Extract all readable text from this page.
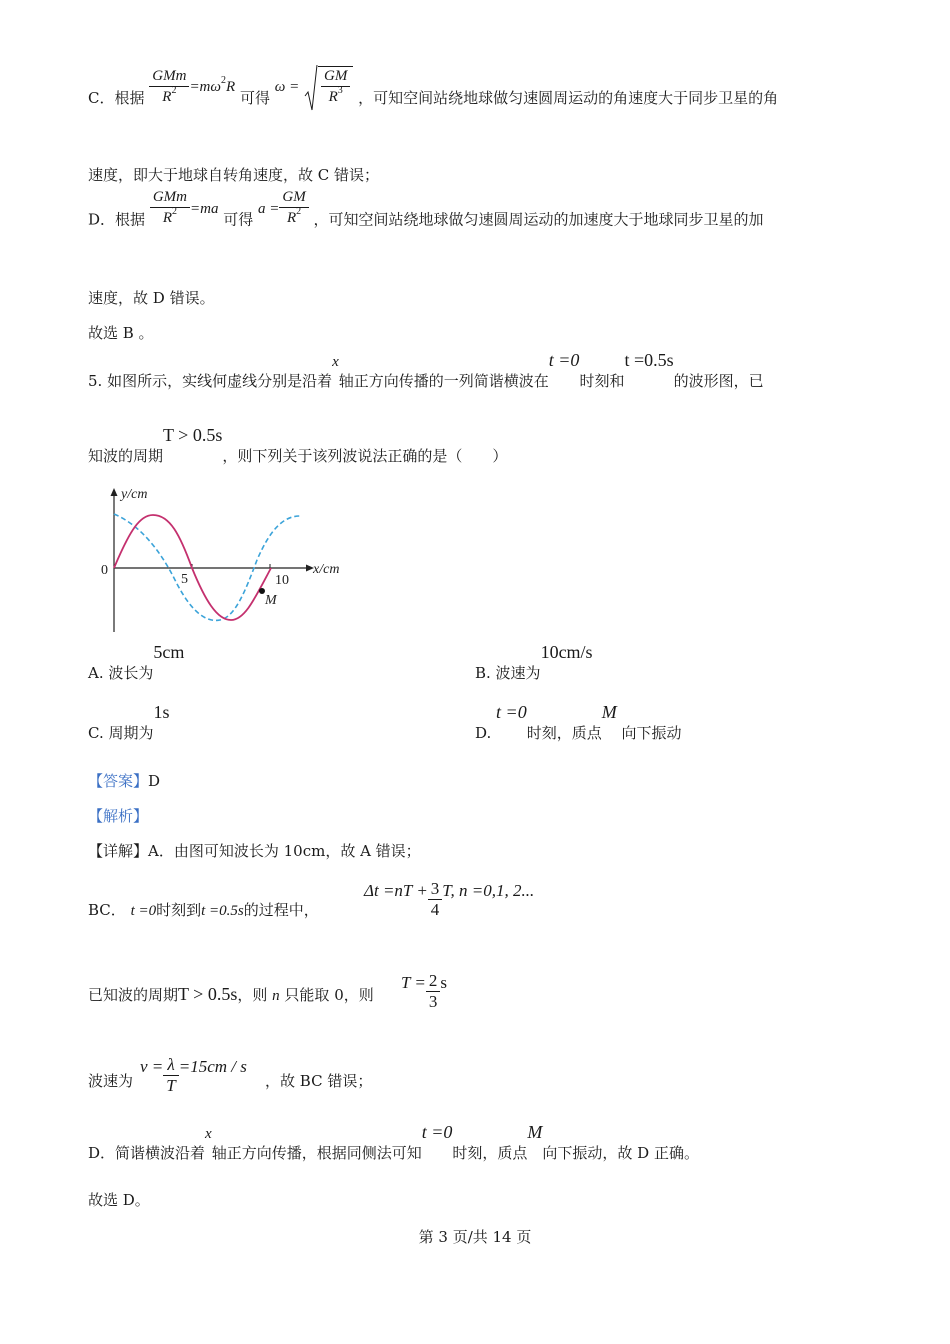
C．根据 $\frac{\text{GMm}}{R^2} =m\omega^2R$ 可得 $\omega = \frac{GM}{R^3}$ ，可知空间站绕地球做匀速圆周运动的角速度大于同步卫星的角
速度，即大于地球自转角速度，故 C 错误；
D．根据 $\frac{\text{GMm}}{R^2} =ma$ 可得 $a = \frac{GM}{R^2}$ ，可知空间站绕地球做匀速圆周运动的加速度大于地球同步卫星的加
速度，故 D 错误。
故选 B 。
5. 如图所示，实线何虚线分别是沿着x轴正方向传播的一列简谐横波在t =0时刻和t =0.5s的波形图，已
知波的周期T > 0.5s，则下列关于该列波说法正确的是（　　）
y/cm
x/cm
0
5	10
M
A. 波长为5cm
B. 波速为10cm/s
C. 周期为1s
D. t =0时刻，质点M 向下振动
【答案】D
【解析】
【详解】A．由图可知波长为 10cm，故 A 错误；
BC． t =0时刻到t =0.5s的过程中，
$\Delta t =nT + \frac{3}{4} T$, n =0,1, 2...
已知波的周期T > 0.5s，则 n 只能取 0，则
$T = \frac{2}{3}$ s
波速为
$v = \frac{\lambda}{T} =15cm / s$
，故 BC 错误；
D．简谐横波沿着x轴正方向传播，根据同侧法可知t =0时刻，质点M向下振动，故 D 正确。
故选 D。
第 3 页/共 14 页
